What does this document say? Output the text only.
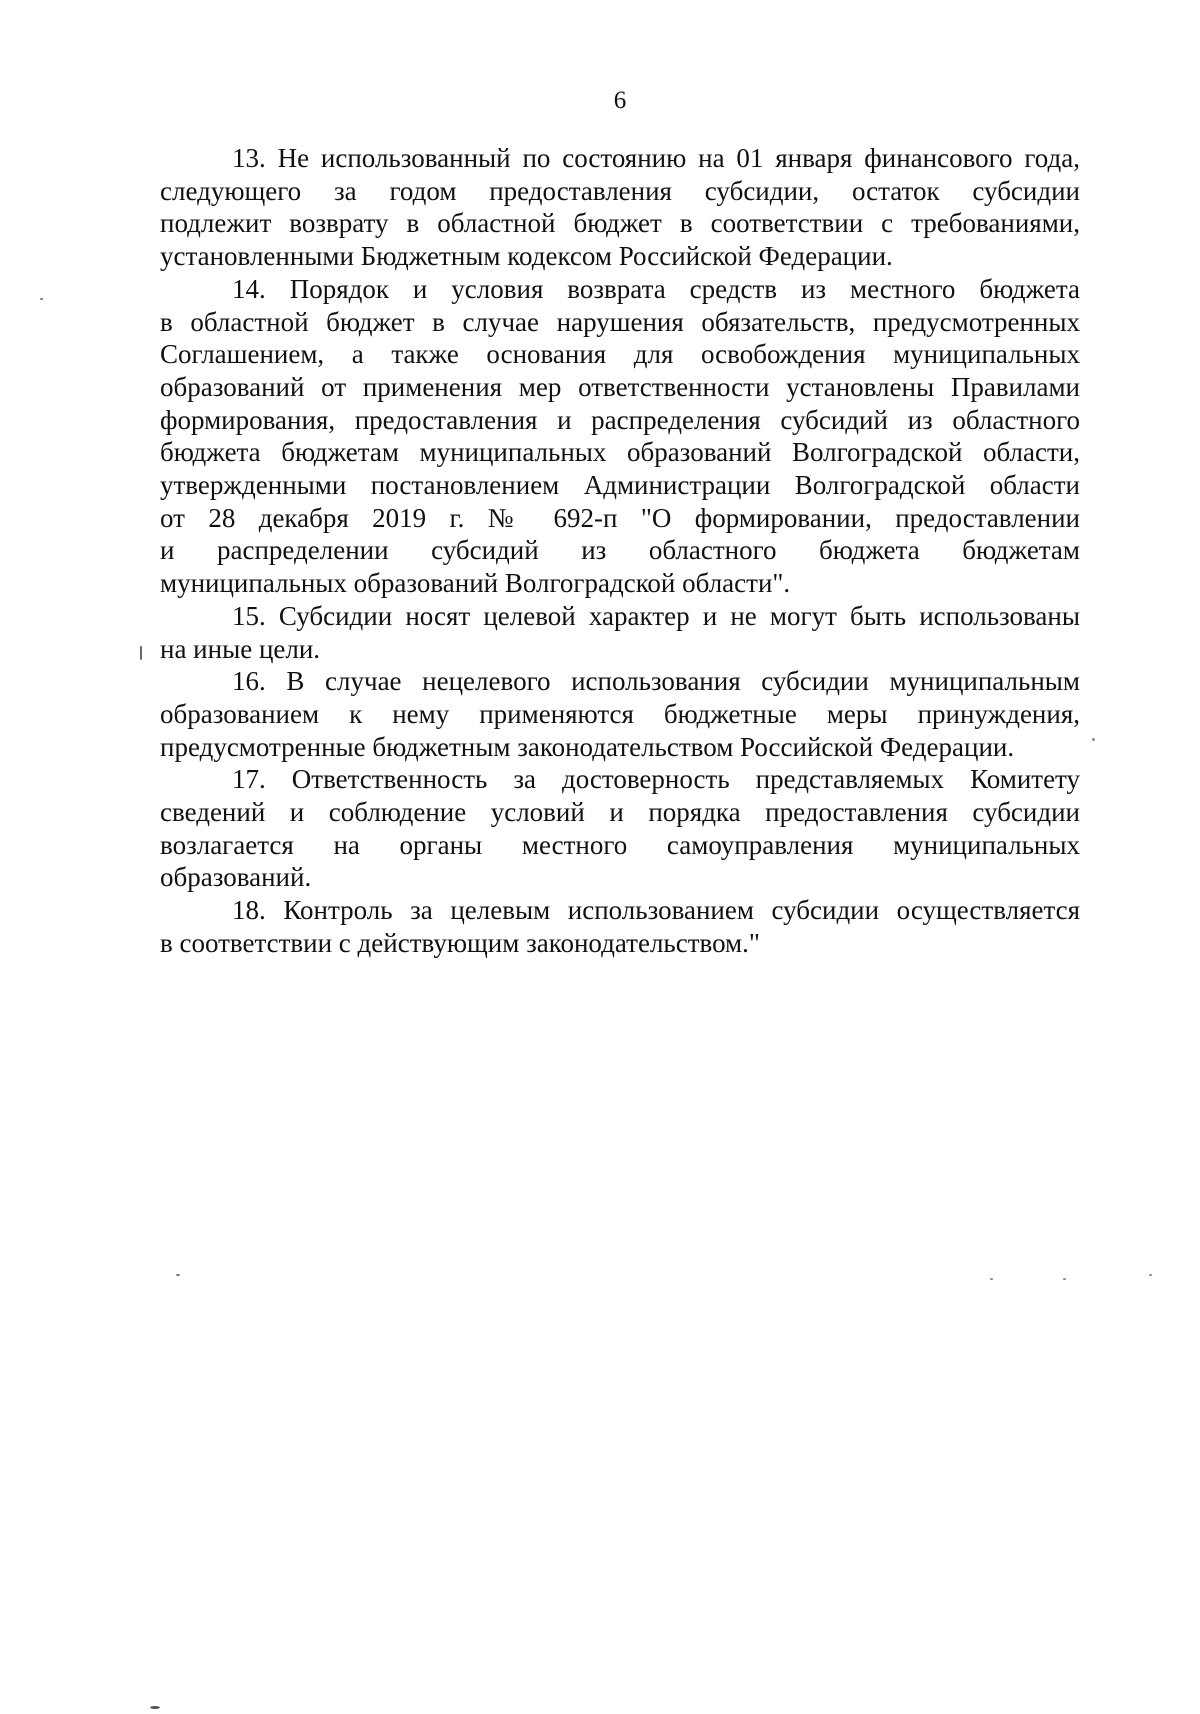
6

13. Не использованный по состоянию на 01 января финансового года,
следующего за годом предоставления субсидии, остаток субсидии
подлежит возврату в областной бюджет в соответствии с требованиями,
установленными Бюджетным кодексом Российской Федерации.

14. Порядок и условия возврата средств из местного бюджета
в областной бюджет в случае нарушения обязательств, предусмотренных
Соглашением, а также основания для освобождения муниципальных
образований от применения мер ответственности установлены Правилами
формирования, предоставления и распределения субсидий из областного
бюджета бюджетам муниципальных образований Волгоградской области,
утвержденными постановлением Администрации Волгоградской области
от 28 декабря 2019 г. № 692-п "О формировании, предоставлении
и распределении субсидий из областного бюджета бюджетам
муниципальных образований Волгоградской области".

15. Субсидии носят целевой характер и не могут быть использованы
на иные цели.

16. В случае нецелевого использования субсидии муниципальным
образованием к нему применяются бюджетные меры принуждения,
предусмотренные бюджетным законодательством Российской Федерации.

17. Ответственность за достоверность представляемых Комитету
сведений и соблюдение условий и порядка предоставления субсидии
возлагается на органы местного самоуправления муниципальных
образований.

18. Контроль за целевым использованием субсидии осуществляется
в соответствии с действующим законодательством."
